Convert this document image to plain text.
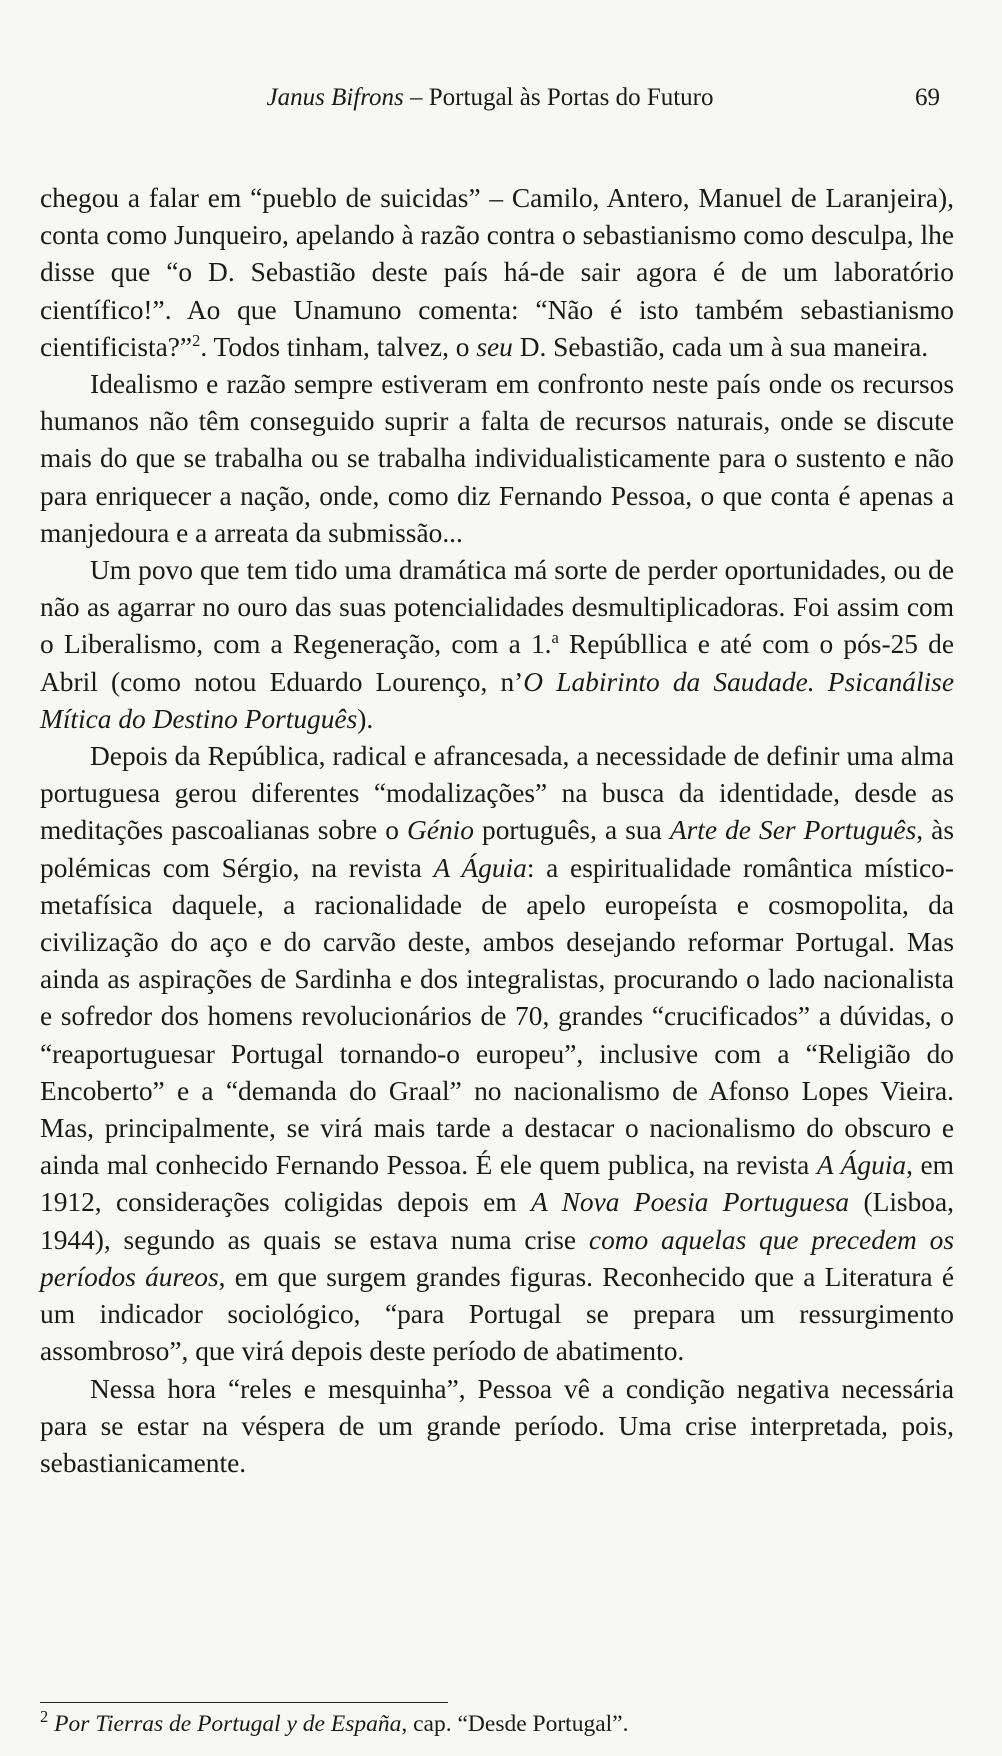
Janus Bifrons – Portugal às Portas do Futuro	69

chegou a falar em “pueblo de suicidas” – Camilo, Antero, Manuel de Laranjeira), conta como Junqueiro, apelando à razão contra o sebastianismo como desculpa, lhe disse que “o D. Sebastião deste país há-de sair agora é de um laboratório científico!”. Ao que Unamuno comenta: “Não é isto também sebastianismo cientificista?”$^2$. Todos tinham, talvez, o seu D. Sebastião, cada um à sua maneira.

Idealismo e razão sempre estiveram em confronto neste país onde os recursos humanos não têm conseguido suprir a falta de recursos naturais, onde se discute mais do que se trabalha ou se trabalha individualisticamente para o sustento e não para enriquecer a nação, onde, como diz Fernando Pessoa, o que conta é apenas a manjedoura e a arreata da submissão...

Um povo que tem tido uma dramática má sorte de perder oportunidades, ou de não as agarrar no ouro das suas potencialidades desmultiplicadoras. Foi assim com o Liberalismo, com a Regeneração, com a 1.$^a$ Repúbllica e até com o pós-25 de Abril (como notou Eduardo Lourenço, n’O Labirinto da Saudade. Psicanálise Mítica do Destino Português).

Depois da República, radical e afrancesada, a necessidade de definir uma alma portuguesa gerou diferentes “modalizações” na busca da identidade, desde as meditações pascoalianas sobre o Génio português, a sua Arte de Ser Português, às polémicas com Sérgio, na revista A Águia: a espiritualidade romântica místico-metafísica daquele, a racionalidade de apelo europeísta e cosmopolita, da civilização do aço e do carvão deste, ambos desejando reformar Portugal. Mas ainda as aspirações de Sardinha e dos integralistas, procurando o lado nacionalista e sofredor dos homens revolucionários de 70, grandes “crucificados” a dúvidas, o “reaportuguesar Portugal tornando-o europeu”, inclusive com a “Religião do Encoberto” e a “demanda do Graal” no nacionalismo de Afonso Lopes Vieira. Mas, principalmente, se virá mais tarde a destacar o nacionalismo do obscuro e ainda mal conhecido Fernando Pessoa. É ele quem publica, na revista A Águia, em 1912, considerações coligidas depois em A Nova Poesia Portuguesa (Lisboa, 1944), segundo as quais se estava numa crise como aquelas que precedem os períodos áureos, em que surgem grandes figuras. Reconhecido que a Literatura é um indicador sociológico, “para Portugal se prepara um ressurgimento assombroso”, que virá depois deste período de abatimento.

Nessa hora “reles e mesquinha”, Pessoa vê a condição negativa necessária para se estar na véspera de um grande período. Uma crise interpretada, pois, sebastianicamente.

$^2$ Por Tierras de Portugal y de España, cap. “Desde Portugal”.
